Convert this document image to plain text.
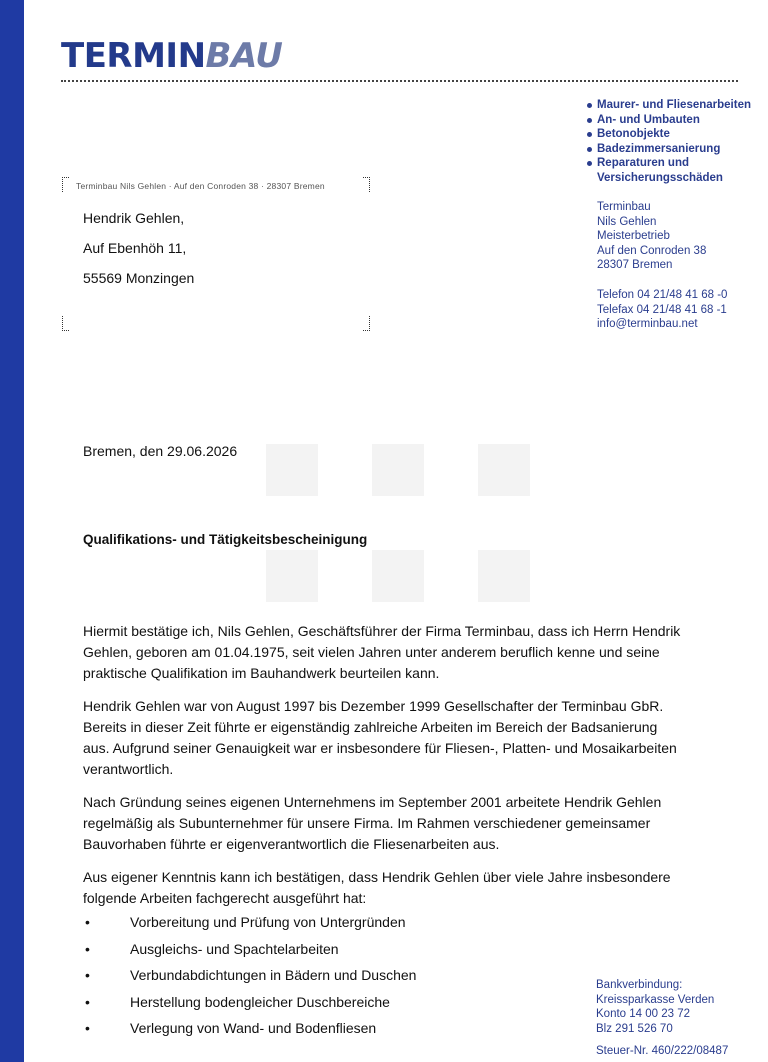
TERMINBAU
Maurer- und Fliesenarbeiten
An- und Umbauten
Betonobjekte
Badezimmersanierung
Reparaturen und
Versicherungsschäden
Terminbau
Nils Gehlen
Meisterbetrieb
Auf den Conroden 38
28307 Bremen
Telefon 04 21/48 41 68 -0
Telefax 04 21/48 41 68 -1
info@terminbau.net
Terminbau Nils Gehlen · Auf den Conroden 38 · 28307 Bremen
Hendrik Gehlen,
Auf Ebenhöh 11,
55569 Monzingen
Bremen, den 29.06.2026
Qualifikations- und Tätigkeitsbescheinigung

Hiermit bestätige ich, Nils Gehlen, Geschäftsführer der Firma Terminbau, dass ich Herrn Hendrik Gehlen, geboren am 01.04.1975, seit vielen Jahren unter anderem beruflich kenne und seine praktische Qualifikation im Bauhandwerk beurteilen kann.

Hendrik Gehlen war von August 1997 bis Dezember 1999 Gesellschafter der Terminbau GbR. Bereits in dieser Zeit führte er eigenständig zahlreiche Arbeiten im Bereich der Badsanierung aus. Aufgrund seiner Genauigkeit war er insbesondere für Fliesen-, Platten- und Mosaikarbeiten verantwortlich.

Nach Gründung seines eigenen Unternehmens im September 2001 arbeitete Hendrik Gehlen regelmäßig als Subunternehmer für unsere Firma. Im Rahmen verschiedener gemeinsamer Bauvorhaben führte er eigenverantwortlich die Fliesenarbeiten aus.

Aus eigener Kenntnis kann ich bestätigen, dass Hendrik Gehlen über viele Jahre insbesondere folgende Arbeiten fachgerecht ausgeführt hat:

• Vorbereitung und Prüfung von Untergründen
• Ausgleichs- und Spachtelarbeiten
• Verbundabdichtungen in Bädern und Duschen
• Herstellung bodengleicher Duschbereiche
• Verlegung von Wand- und Bodenfliesen
Bankverbindung:
Kreissparkasse Verden
Konto 14 00 23 72
Blz 291 526 70
Steuer-Nr. 460/222/08487
